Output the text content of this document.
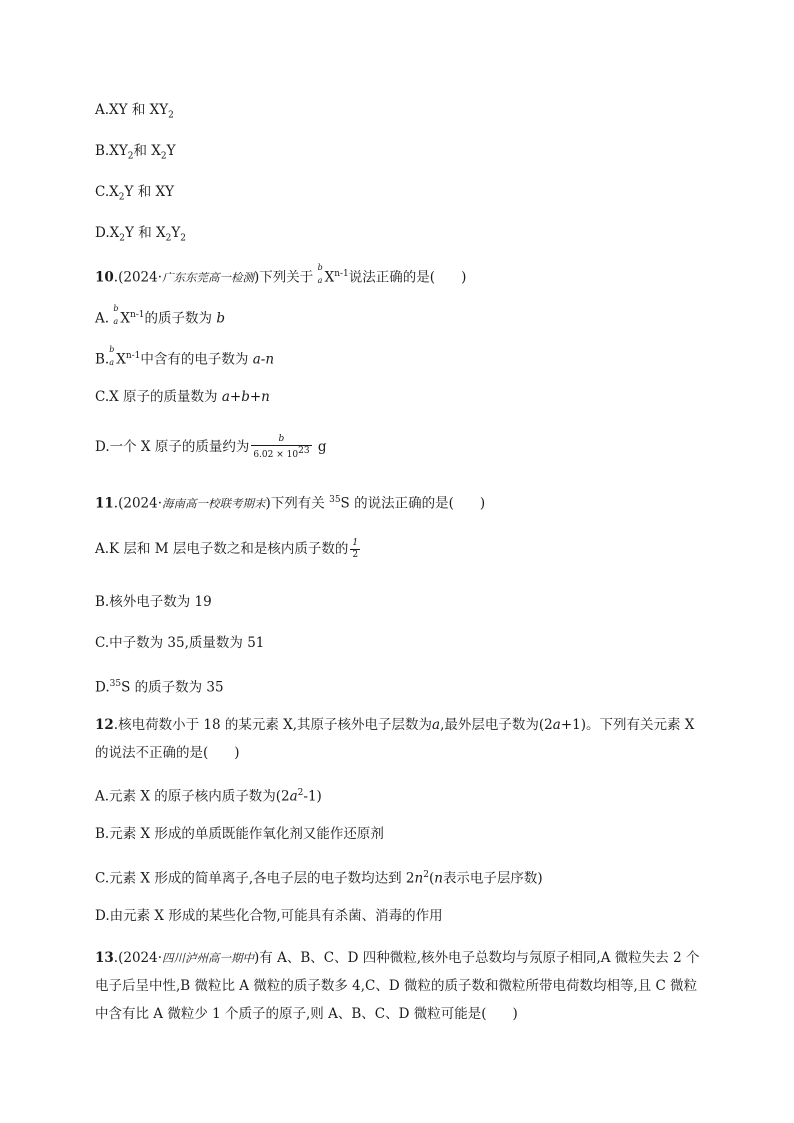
A.XY 和 $XY_2$
$B.XY_2$和 $X_2Y$
$C.X_2Y$ 和 XY
$D.X_2Y$ 和 $X_2Y_2$
10.(2024·广东东莞高一检测)下列关于
b
a $X^{n-1}$说法正确的是( )
A.
b
a $X^{n-1}$的质子数为 b
B.
b
a $X^{n-1}$中含有的电子数为 a-n
C.X 原子的质量数为 a+b+n
D.一个 X 原子的质量约为 $\frac{b}{6.02 \times 10^{23}}$ g
11.(2024·海南高一校联考期末)下列有关 $^{35}$S 的说法正确的是( )
A.K 层和 M 层电子数之和是核内质子数的 $\frac{1}{2}$
B.核外电子数为 19
C.中子数为 35,质量数为 51
D.$^{35}$S 的质子数为 35
12.核电荷数小于 18 的某元素 X,其原子核外电子层数为a,最外层电子数为(2a+1)。下列有关元素 X
的说法不正确的是( )
A.元素 X 的原子核内质子数为$(2a^2-1)$
B.元素 X 形成的单质既能作氧化剂又能作还原剂
C.元素 X 形成的简单离子,各电子层的电子数均达到 $2n^2(n$表示电子层序数)
D.由元素 X 形成的某些化合物,可能具有杀菌、消毒的作用
13.(2024·四川泸州高一期中)有 A、B、C、D 四种微粒,核外电子总数均与氖原子相同,A 微粒失去 2 个电子后呈中性,B 微粒比 A 微粒的质子数多 4,C、D 微粒的质子数和微粒所带电荷数均相等,且 C 微粒中含有比 A 微粒少 1 个质子的原子,则 A、B、C、D 微粒可能是( )
